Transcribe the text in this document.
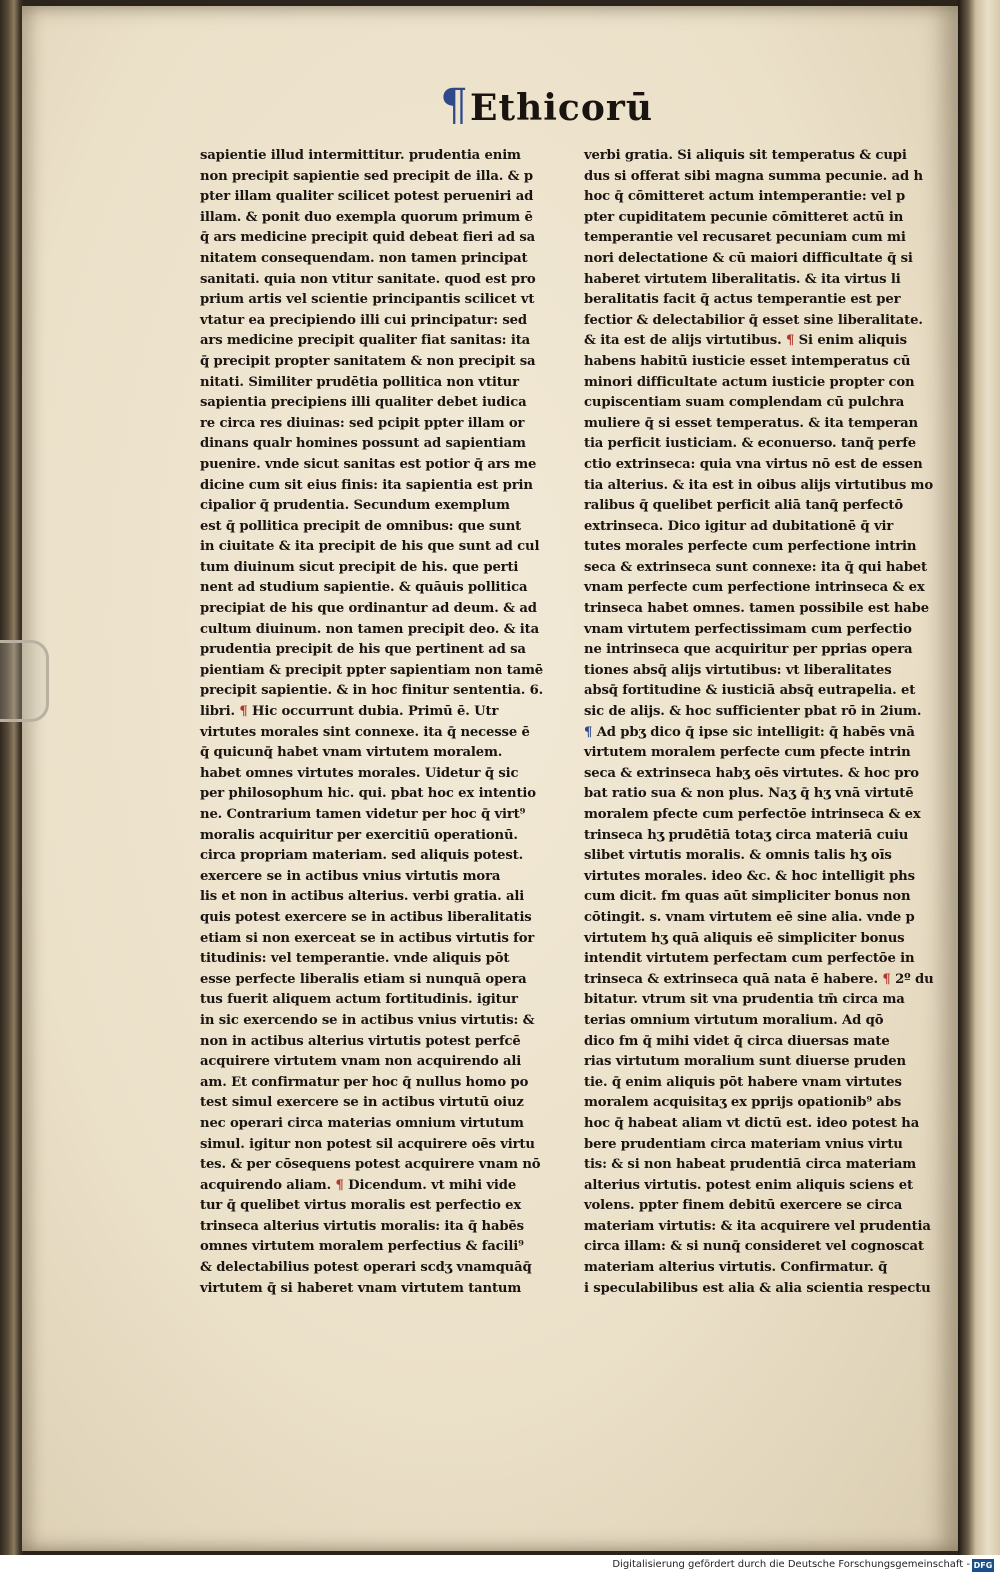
¶ Ethicorū
sapientie illud intermittitur. prudentia enim
non precipit sapientie sed precipit de illa. & p
pter illam qualiter scilicet potest perueniri ad
illam. & ponit duo exempla quorum primum ē
q̄ ars medicine precipit quid debeat fieri ad sa
nitatem consequendam. non tamen principat
sanitati. quia non vtitur sanitate. quod est pro
prium artis vel scientie principantis scilicet vt
vtatur ea precipiendo illi cui principatur: sed
ars medicine precipit qualiter fiat sanitas: ita
q̄ precipit propter sanitatem & non precipit sa
nitati. Similiter prudētia pollitica non vtitur
sapientia precipiens illi qualiter debet iudica
re circa res diuinas: sed pcipit ppter illam or
dinans qualr homines possunt ad sapientiam
puenire. vnde sicut sanitas est potior q̄ ars me
dicine cum sit eius finis: ita sapientia est prin
cipalior q̄ prudentia. Secundum exemplum
est q̄ pollitica precipit de omnibus: que sunt
in ciuitate & ita precipit de his que sunt ad cul
tum diuinum sicut precipit de his. que perti
nent ad studium sapientie. & quāuis pollitica
precipiat de his que ordinantur ad deum. & ad
cultum diuinum. non tamen precipit deo. & ita
prudentia precipit de his que pertinent ad sa
pientiam & precipit ppter sapientiam non tamē
precipit sapientie. & in hoc finitur sententia. 6.
libri. ¶ Hic occurrunt dubia. Primū ē. Utr
virtutes morales sint connexe. ita q̄ necesse ē
q̄ quicunq̄ habet vnam virtutem moralem.
habet omnes virtutes morales. Uidetur q̄ sic
per philosophum hic. qui. pbat hoc ex intentio
ne. Contrarium tamen videtur per hoc q̄ virt⁹
moralis acquiritur per exercitiū operationū.
circa propriam materiam. sed aliquis potest.
exercere se in actibus vnius virtutis mora
lis et non in actibus alterius. verbi gratia. ali
quis potest exercere se in actibus liberalitatis
etiam si non exerceat se in actibus virtutis for
titudinis: vel temperantie. vnde aliquis pōt
esse perfecte liberalis etiam si nunquā opera
tus fuerit aliquem actum fortitudinis. igitur
in sic exercendo se in actibus vnius virtutis: &
non in actibus alterius virtutis potest perfcē
acquirere virtutem vnam non acquirendo ali
am. Et confirmatur per hoc q̄ nullus homo po
test simul exercere se in actibus virtutū oiuz
nec operari circa materias omnium virtutum
simul. igitur non potest sil acquirere oēs virtu
tes. & per cōsequens potest acquirere vnam nō
acquirendo aliam. ¶ Dicendum. vt mihi vide
tur q̄ quelibet virtus moralis est perfectio ex
trinseca alterius virtutis moralis: ita q̄ habēs
omnes virtutem moralem perfectius & facili⁹
& delectabilius potest operari scdʒ vnamquāq̄
virtutem q̄ si haberet vnam virtutem tantum
verbi gratia. Si aliquis sit temperatus & cupi
dus si offerat sibi magna summa pecunie. ad h
hoc q̄ cōmitteret actum intemperantie: vel p
pter cupiditatem pecunie cōmitteret actū in
temperantie vel recusaret pecuniam cum mi
nori delectatione & cū maiori difficultate q̄ si
haberet virtutem liberalitatis. & ita virtus li
beralitatis facit q̄ actus temperantie est per
fectior & delectabilior q̄ esset sine liberalitate.
& ita est de alijs virtutibus. ¶ Si enim aliquis
habens habitū iusticie esset intemperatus cū
minori difficultate actum iusticie propter con
cupiscentiam suam complendam cū pulchra
muliere q̄ si esset temperatus. & ita temperan
tia perficit iusticiam. & econuerso. tanq̄ perfe
ctio extrinseca: quia vna virtus nō est de essen
tia alterius. & ita est in oibus alijs virtutibus mo
ralibus q̄ quelibet perficit aliā tanq̄ perfectō
extrinseca. Dico igitur ad dubitationē q̄ vir
tutes morales perfecte cum perfectione intrin
seca & extrinseca sunt connexe: ita q̄ qui habet
vnam perfecte cum perfectione intrinseca & ex
trinseca habet omnes. tamen possibile est habe
vnam virtutem perfectissimam cum perfectio
ne intrinseca que acquiritur per pprias opera
tiones absq̄ alijs virtutibus: vt liberalitates
absq̄ fortitudine & iusticiā absq̄ eutrapelia. et
sic de alijs. & hoc sufficienter pbat rō in 2ium.
¶ Ad pbʒ dico q̄ ipse sic intelligit: q̄ habēs vnā
virtutem moralem perfecte cum pfecte intrin
seca & extrinseca habʒ oēs virtutes. & hoc pro
bat ratio sua & non plus. Naʒ q̄ hʒ vnā virtutē
moralem pfecte cum perfectōe intrinseca & ex
trinseca hʒ prudētiā totaʒ circa materiā cuiu
slibet virtutis moralis. & omnis talis hʒ oīs
virtutes morales. ideo &c. & hoc intelligit phs
cum dicit. fm quas aūt simpliciter bonus non
cōtingit. s. vnam virtutem eē sine alia. vnde p
virtutem hʒ quā aliquis eē simpliciter bonus
intendit virtutem perfectam cum perfectōe in
trinseca & extrinseca quā nata ē habere. ¶ 2º du
bitatur. vtrum sit vna prudentia tm̄ circa ma
terias omnium virtutum moralium. Ad qō
dico fm q̄ mihi videt q̄ circa diuersas mate
rias virtutum moralium sunt diuerse pruden
tie. q̄ enim aliquis pōt habere vnam virtutes
moralem acquisitaʒ ex pprijs opationib⁹ abs
hoc q̄ habeat aliam vt dictū est. ideo potest ha
bere prudentiam circa materiam vnius virtu
tis: & si non habeat prudentiā circa materiam
alterius virtutis. potest enim aliquis sciens et
volens. ppter finem debitū exercere se circa
materiam virtutis: & ita acquirere vel prudentia
circa illam: & si nunq̄ consideret vel cognoscat
materiam alterius virtutis. Confirmatur. q̄
i speculabilibus est alia & alia scientia respectu
Digitalisierung gefördert durch die Deutsche Forschungsgemeinschaft - DFG
